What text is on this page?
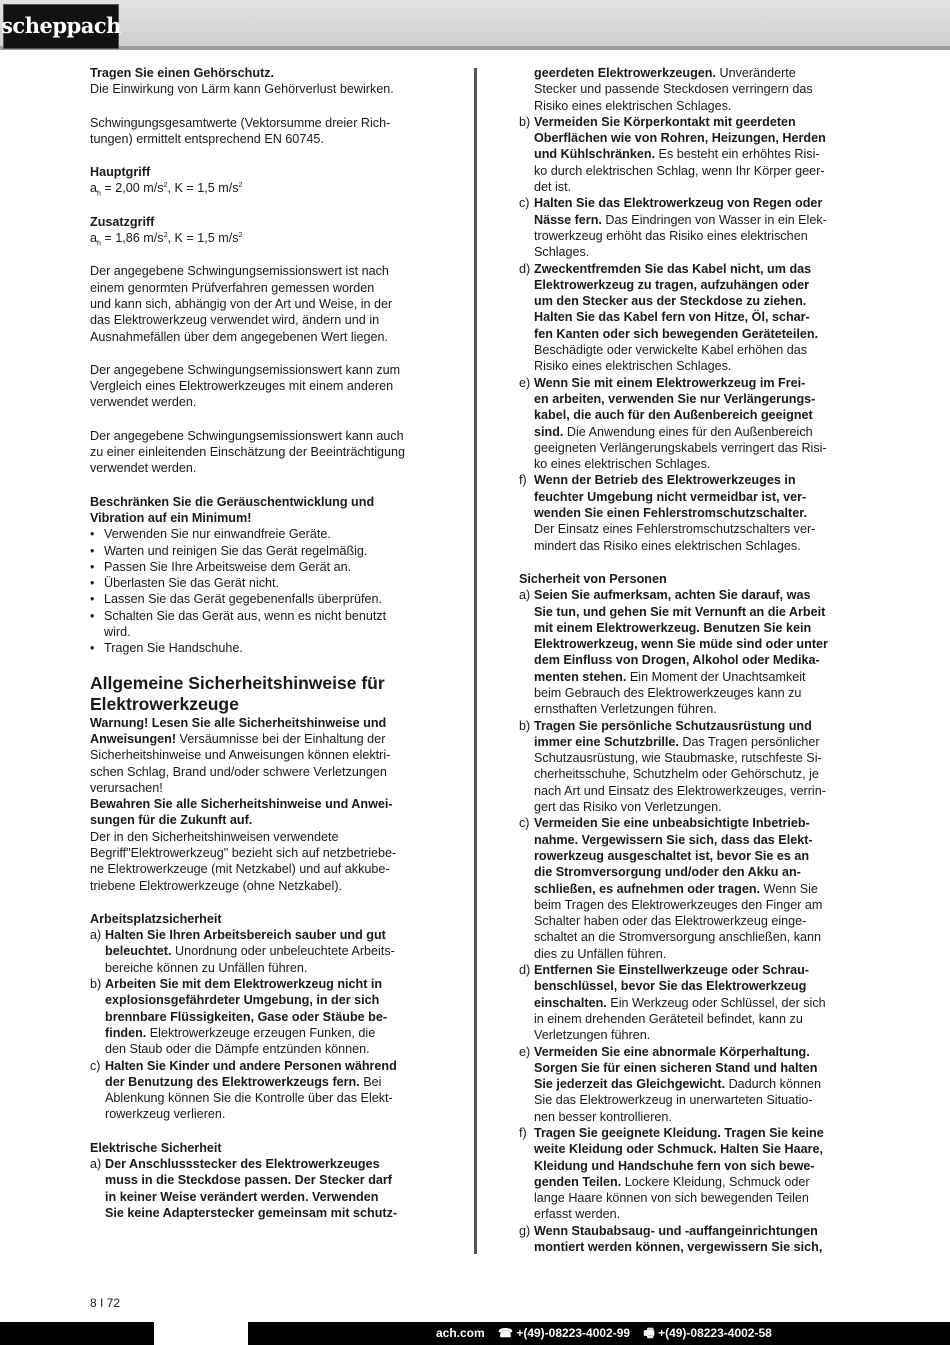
scheppach
Tragen Sie einen Gehörschutz.
Die Einwirkung von Lärm kann Gehörverlust bewirken.
Schwingungsgesamtwerte (Vektorsumme dreier Rich-
tungen) ermittelt entsprechend EN 60745.
Hauptgriff
$a_h = 2,00$ $m/s^2$, K = 1,5 $m/s^2$
Zusatzgriff
$a_h = 1,86$ $m/s^2$, K = 1,5 $m/s^2$
Der angegebene Schwingungsemissionswert ist nach
einem genormten Prüfverfahren gemessen worden
und kann sich, abhängig von der Art und Weise, in der
das Elektrowerkzeug verwendet wird, ändern und in
Ausnahmefällen über dem angegebenen Wert liegen.
Der angegebene Schwingungsemissionswert kann zum
Vergleich eines Elektrowerkzeuges mit einem anderen
verwendet werden.
Der angegebene Schwingungsemissionswert kann auch
zu einer einleitenden Einschätzung der Beeinträchtigung
verwendet werden.
Beschränken Sie die Geräuschentwicklung und
Vibration auf ein Minimum!
• Verwenden Sie nur einwandfreie Geräte.
• Warten und reinigen Sie das Gerät regelmäßig.
• Passen Sie Ihre Arbeitsweise dem Gerät an.
• Überlasten Sie das Gerät nicht.
• Lassen Sie das Gerät gegebenenfalls überprüfen.
• Schalten Sie das Gerät aus, wenn es nicht benutzt
wird.
• Tragen Sie Handschuhe.
Allgemeine Sicherheitshinweise für
Elektrowerkzeuge
Warnung! Lesen Sie alle Sicherheitshinweise und
Anweisungen! Versäumnisse bei der Einhaltung der
Sicherheitshinweise und Anweisungen können elektri-
schen Schlag, Brand und/oder schwere Verletzungen
verursachen!
Bewahren Sie alle Sicherheitshinweise und Anwei-
sungen für die Zukunft auf.
Der in den Sicherheitshinweisen verwendete
Begriff"Elektrowerkzeug" bezieht sich auf netzbetriebe-
ne Elektrowerkzeuge (mit Netzkabel) und auf akkube-
triebene Elektrowerkzeuge (ohne Netzkabel).
Arbeitsplatzsicherheit
a) Halten Sie Ihren Arbeitsbereich sauber und gut
beleuchtet. Unordnung oder unbeleuchtete Arbeits-
bereiche können zu Unfällen führen.
b) Arbeiten Sie mit dem Elektrowerkzeug nicht in
explosionsgefährdeter Umgebung, in der sich
brennbare Flüssigkeiten, Gase oder Stäube be-
finden. Elektrowerkzeuge erzeugen Funken, die
den Staub oder die Dämpfe entzünden können.
c) Halten Sie Kinder und andere Personen während
der Benutzung des Elektrowerkzeugs fern. Bei
Ablenkung können Sie die Kontrolle über das Elekt-
rowerkzeug verlieren.
Elektrische Sicherheit
a) Der Anschlussstecker des Elektrowerkzeuges
muss in die Steckdose passen. Der Stecker darf
in keiner Weise verändert werden. Verwenden
Sie keine Adapterstecker gemeinsam mit schutz-
geerdeten Elektrowerkzeugen. Unveränderte
Stecker und passende Steckdosen verringern das
Risiko eines elektrischen Schlages.
b) Vermeiden Sie Körperkontakt mit geerdeten
Oberflächen wie von Rohren, Heizungen, Herden
und Kühlschränken. Es besteht ein erhöhtes Risi-
ko durch elektrischen Schlag, wenn Ihr Körper geer-
det ist.
c) Halten Sie das Elektrowerkzeug von Regen oder
Nässe fern. Das Eindringen von Wasser in ein Elek-
trowerkzeug erhöht das Risiko eines elektrischen
Schlages.
d) Zweckentfremden Sie das Kabel nicht, um das
Elektrowerkzeug zu tragen, aufzuhängen oder
um den Stecker aus der Steckdose zu ziehen.
Halten Sie das Kabel fern von Hitze, Öl, schar-
fen Kanten oder sich bewegenden Geräteteilen.
Beschädigte oder verwickelte Kabel erhöhen das
Risiko eines elektrischen Schlages.
e) Wenn Sie mit einem Elektrowerkzeug im Frei-
en arbeiten, verwenden Sie nur Verlängerungs-
kabel, die auch für den Außenbereich geeignet
sind. Die Anwendung eines für den Außenbereich
geeigneten Verlängerungskabels verringert das Risi-
ko eines elektrischen Schlages.
f) Wenn der Betrieb des Elektrowerkzeuges in
feuchter Umgebung nicht vermeidbar ist, ver-
wenden Sie einen Fehlerstromschutzschalter.
Der Einsatz eines Fehlerstromschutzschalters ver-
mindert das Risiko eines elektrischen Schlages.
Sicherheit von Personen
a) Seien Sie aufmerksam, achten Sie darauf, was
Sie tun, und gehen Sie mit Vernunft an die Arbeit
mit einem Elektrowerkzeug. Benutzen Sie kein
Elektrowerkzeug, wenn Sie müde sind oder unter
dem Einfluss von Drogen, Alkohol oder Medika-
menten stehen. Ein Moment der Unachtsamkeit
beim Gebrauch des Elektrowerkzeuges kann zu
ernsthaften Verletzungen führen.
b) Tragen Sie persönliche Schutzausrüstung und
immer eine Schutzbrille. Das Tragen persönlicher
Schutzausrüstung, wie Staubmaske, rutschfeste Si-
cherheitsschuhe, Schutzhelm oder Gehörschutz, je
nach Art und Einsatz des Elektrowerkzeuges, verrin-
gert das Risiko von Verletzungen.
c) Vermeiden Sie eine unbeabsichtigte Inbetrieb-
nahme. Vergewissern Sie sich, dass das Elekt-
rowerkzeug ausgeschaltet ist, bevor Sie es an
die Stromversorgung und/oder den Akku an-
schließen, es aufnehmen oder tragen. Wenn Sie
beim Tragen des Elektrowerkzeuges den Finger am
Schalter haben oder das Elektrowerkzeug einge-
schaltet an die Stromversorgung anschließen, kann
dies zu Unfällen führen.
d) Entfernen Sie Einstellwerkzeuge oder Schrau-
benschlüssel, bevor Sie das Elektrowerkzeug
einschalten. Ein Werkzeug oder Schlüssel, der sich
in einem drehenden Geräteteil befindet, kann zu
Verletzungen führen.
e) Vermeiden Sie eine abnormale Körperhaltung.
Sorgen Sie für einen sicheren Stand und halten
Sie jederzeit das Gleichgewicht. Dadurch können
Sie das Elektrowerkzeug in unerwarteten Situatio-
nen besser kontrollieren.
f) Tragen Sie geeignete Kleidung. Tragen Sie keine
weite Kleidung oder Schmuck. Halten Sie Haare,
Kleidung und Handschuhe fern von sich bewe-
genden Teilen. Lockere Kleidung, Schmuck oder
lange Haare können von sich bewegenden Teilen
erfasst werden.
g) Wenn Staubabsaug- und -auffangeinrichtungen
montiert werden können, vergewissern Sie sich,
8 I 72
ach.com ☎ +(49)-08223-4002-99 🖷 +(49)-08223-4002-58
